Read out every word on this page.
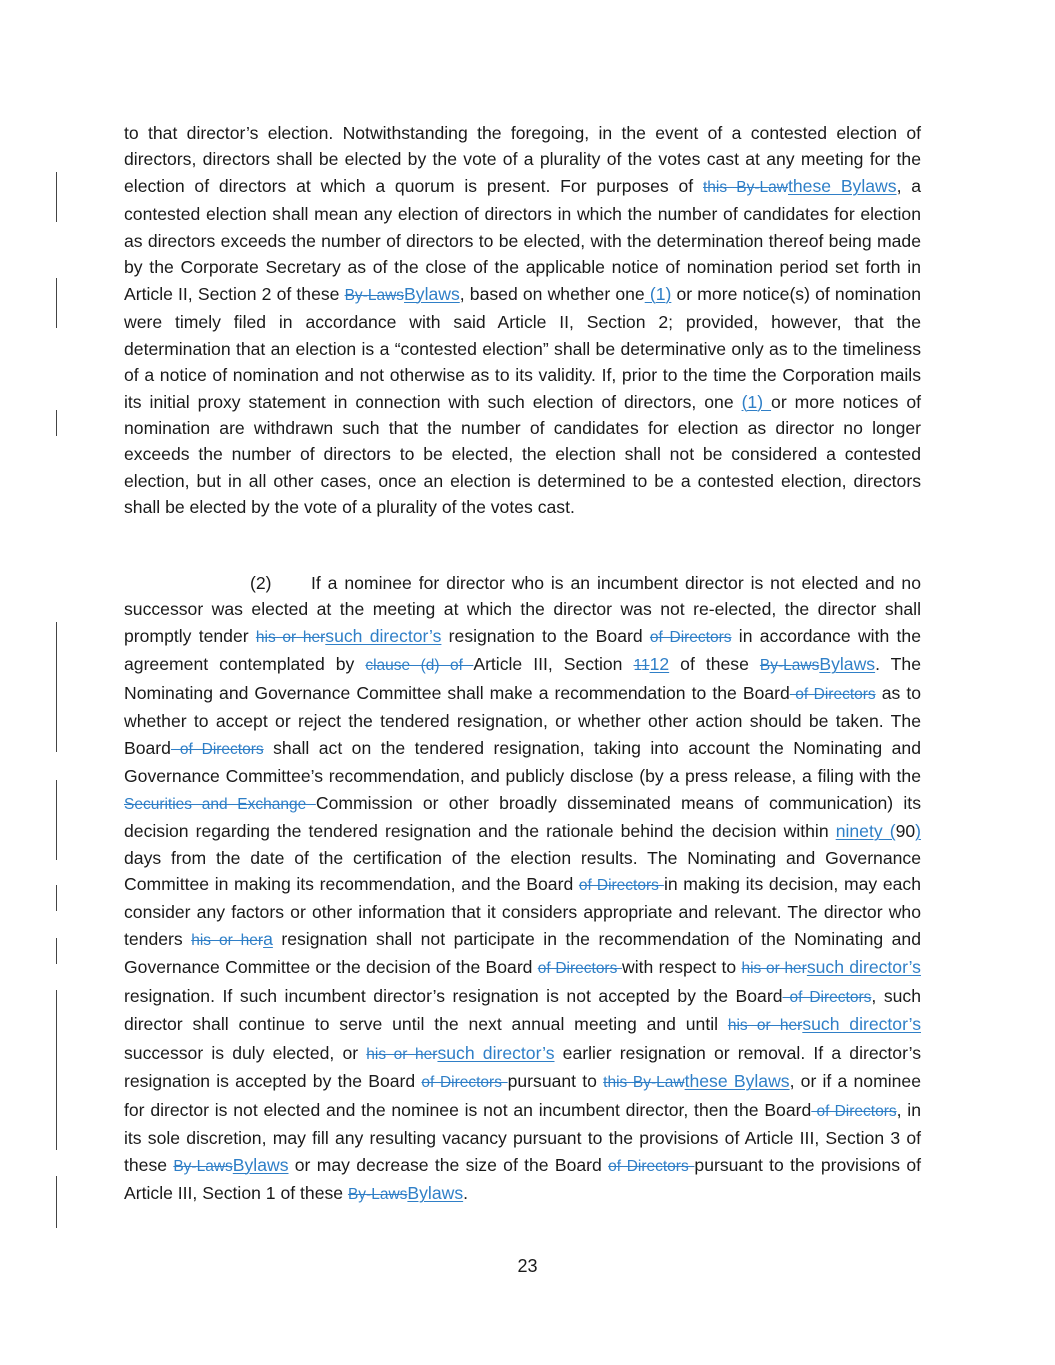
to that director’s election. Notwithstanding the foregoing, in the event of a contested election of directors, directors shall be elected by the vote of a plurality of the votes cast at any meeting for the election of directors at which a quorum is present. For purposes of this By-Lawthese Bylaws, a contested election shall mean any election of directors in which the number of candidates for election as directors exceeds the number of directors to be elected, with the determination thereof being made by the Corporate Secretary as of the close of the applicable notice of nomination period set forth in Article II, Section 2 of these By-LawsBylaws, based on whether one (1) or more notice(s) of nomination were timely filed in accordance with said Article II, Section 2; provided, however, that the determination that an election is a “contested election” shall be determinative only as to the timeliness of a notice of nomination and not otherwise as to its validity. If, prior to the time the Corporation mails its initial proxy statement in connection with such election of directors, one (1) or more notices of nomination are withdrawn such that the number of candidates for election as director no longer exceeds the number of directors to be elected, the election shall not be considered a contested election, but in all other cases, once an election is determined to be a contested election, directors shall be elected by the vote of a plurality of the votes cast.

(2) If a nominee for director who is an incumbent director is not elected and no successor was elected at the meeting at which the director was not re-elected, the director shall promptly tender his or hersuch director’s resignation to the Board of Directors in accordance with the agreement contemplated by clause (d) of Article III, Section 1112 of these By-LawsBylaws. The Nominating and Governance Committee shall make a recommendation to the Board of Directors as to whether to accept or reject the tendered resignation, or whether other action should be taken. The Board of Directors shall act on the tendered resignation, taking into account the Nominating and Governance Committee’s recommendation, and publicly disclose (by a press release, a filing with the Securities and Exchange Commission or other broadly disseminated means of communication) its decision regarding the tendered resignation and the rationale behind the decision within ninety (90) days from the date of the certification of the election results. The Nominating and Governance Committee in making its recommendation, and the Board of Directors in making its decision, may each consider any factors or other information that it considers appropriate and relevant. The director who tenders his or hera resignation shall not participate in the recommendation of the Nominating and Governance Committee or the decision of the Board of Directors with respect to his or hersuch director’s resignation. If such incumbent director’s resignation is not accepted by the Board of Directors, such director shall continue to serve until the next annual meeting and until his or hersuch director’s successor is duly elected, or his or hersuch director’s earlier resignation or removal. If a director’s resignation is accepted by the Board of Directors pursuant to this By-Lawthese Bylaws, or if a nominee for director is not elected and the nominee is not an incumbent director, then the Board of Directors, in its sole discretion, may fill any resulting vacancy pursuant to the provisions of Article III, Section 3 of these By-LawsBylaws or may decrease the size of the Board of Directors pursuant to the provisions of Article III, Section 1 of these By-LawsBylaws.

23
